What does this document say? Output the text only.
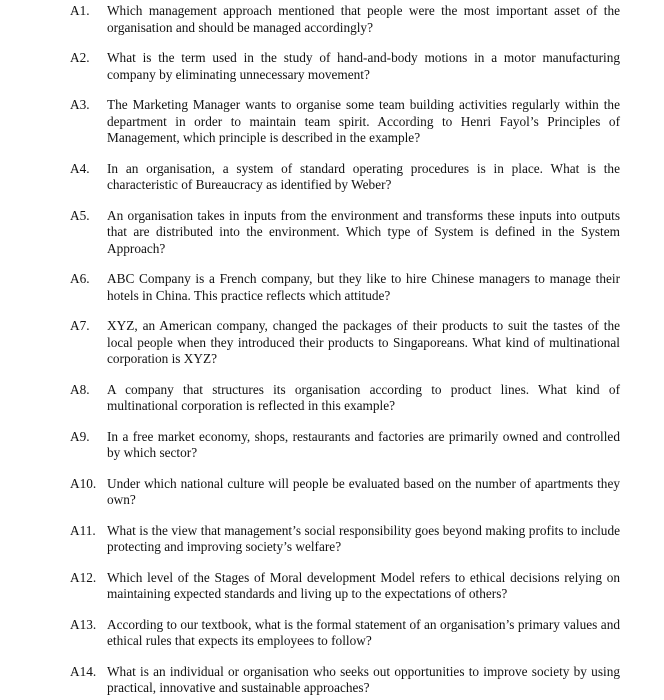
A1.	Which management approach mentioned that people were the most important asset of the organisation and should be managed accordingly?
A2.	What is the term used in the study of hand-and-body motions in a motor manufacturing company by eliminating unnecessary movement?
A3.	The Marketing Manager wants to organise some team building activities regularly within the department in order to maintain team spirit. According to Henri Fayol’s Principles of Management, which principle is described in the example?
A4.	In an organisation, a system of standard operating procedures is in place. What is the characteristic of Bureaucracy as identified by Weber?
A5.	An organisation takes in inputs from the environment and transforms these inputs into outputs that are distributed into the environment. Which type of System is defined in the System Approach?
A6.	ABC Company is a French company, but they like to hire Chinese managers to manage their hotels in China. This practice reflects which attitude?
A7.	XYZ, an American company, changed the packages of their products to suit the tastes of the local people when they introduced their products to Singaporeans. What kind of multinational corporation is XYZ?
A8.	A company that structures its organisation according to product lines. What kind of multinational corporation is reflected in this example?
A9.	In a free market economy, shops, restaurants and factories are primarily owned and controlled by which sector?
A10. Under which national culture will people be evaluated based on the number of apartments they own?
A11. What is the view that management’s social responsibility goes beyond making profits to include protecting and improving society’s welfare?
A12. Which level of the Stages of Moral development Model refers to ethical decisions relying on maintaining expected standards and living up to the expectations of others?
A13. According to our textbook, what is the formal statement of an organisation’s primary values and ethical rules that expects its employees to follow?
A14. What is an individual or organisation who seeks out opportunities to improve society by using practical, innovative and sustainable approaches?
